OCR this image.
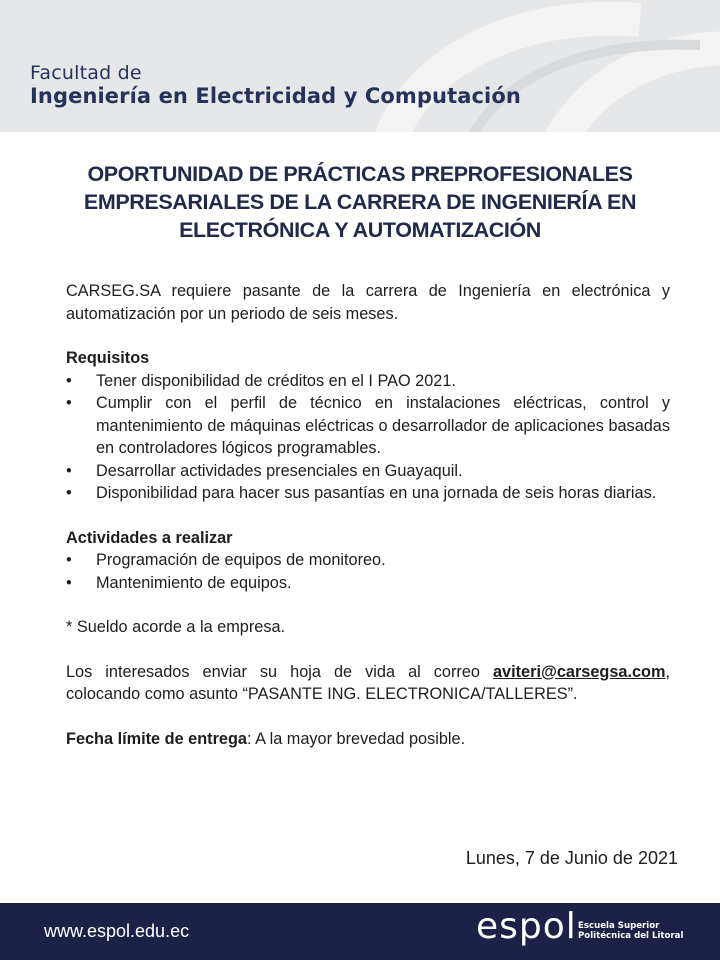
Facultad de
Ingeniería en Electricidad y Computación
OPORTUNIDAD DE PRÁCTICAS PREPROFESIONALES
EMPRESARIALES DE LA CARRERA DE INGENIERÍA EN
ELECTRÓNICA Y AUTOMATIZACIÓN

CARSEG.SA requiere pasante de la carrera de Ingeniería en electrónica y automatización por un periodo de seis meses.

Requisitos

• Tener disponibilidad de créditos en el I PAO 2021.
• Cumplir con el perfil de técnico en instalaciones eléctricas, control y mantenimiento de máquinas eléctricas o desarrollador de aplicaciones basadas en controladores lógicos programables.
• Desarrollar actividades presenciales en Guayaquil.
• Disponibilidad para hacer sus pasantías en una jornada de seis horas diarias.

Actividades a realizar

• Programación de equipos de monitoreo.
• Mantenimiento de equipos.

* Sueldo acorde a la empresa.

Los interesados enviar su hoja de vida al correo aviteri@carsegsa.com, colocando como asunto “PASANTE ING. ELECTRONICA/TALLERES”.

Fecha límite de entrega: A la mayor brevedad posible.

Lunes, 7 de Junio de 2021
www.espol.edu.ec	espol Escuela Superior
Politécnica del Litoral
